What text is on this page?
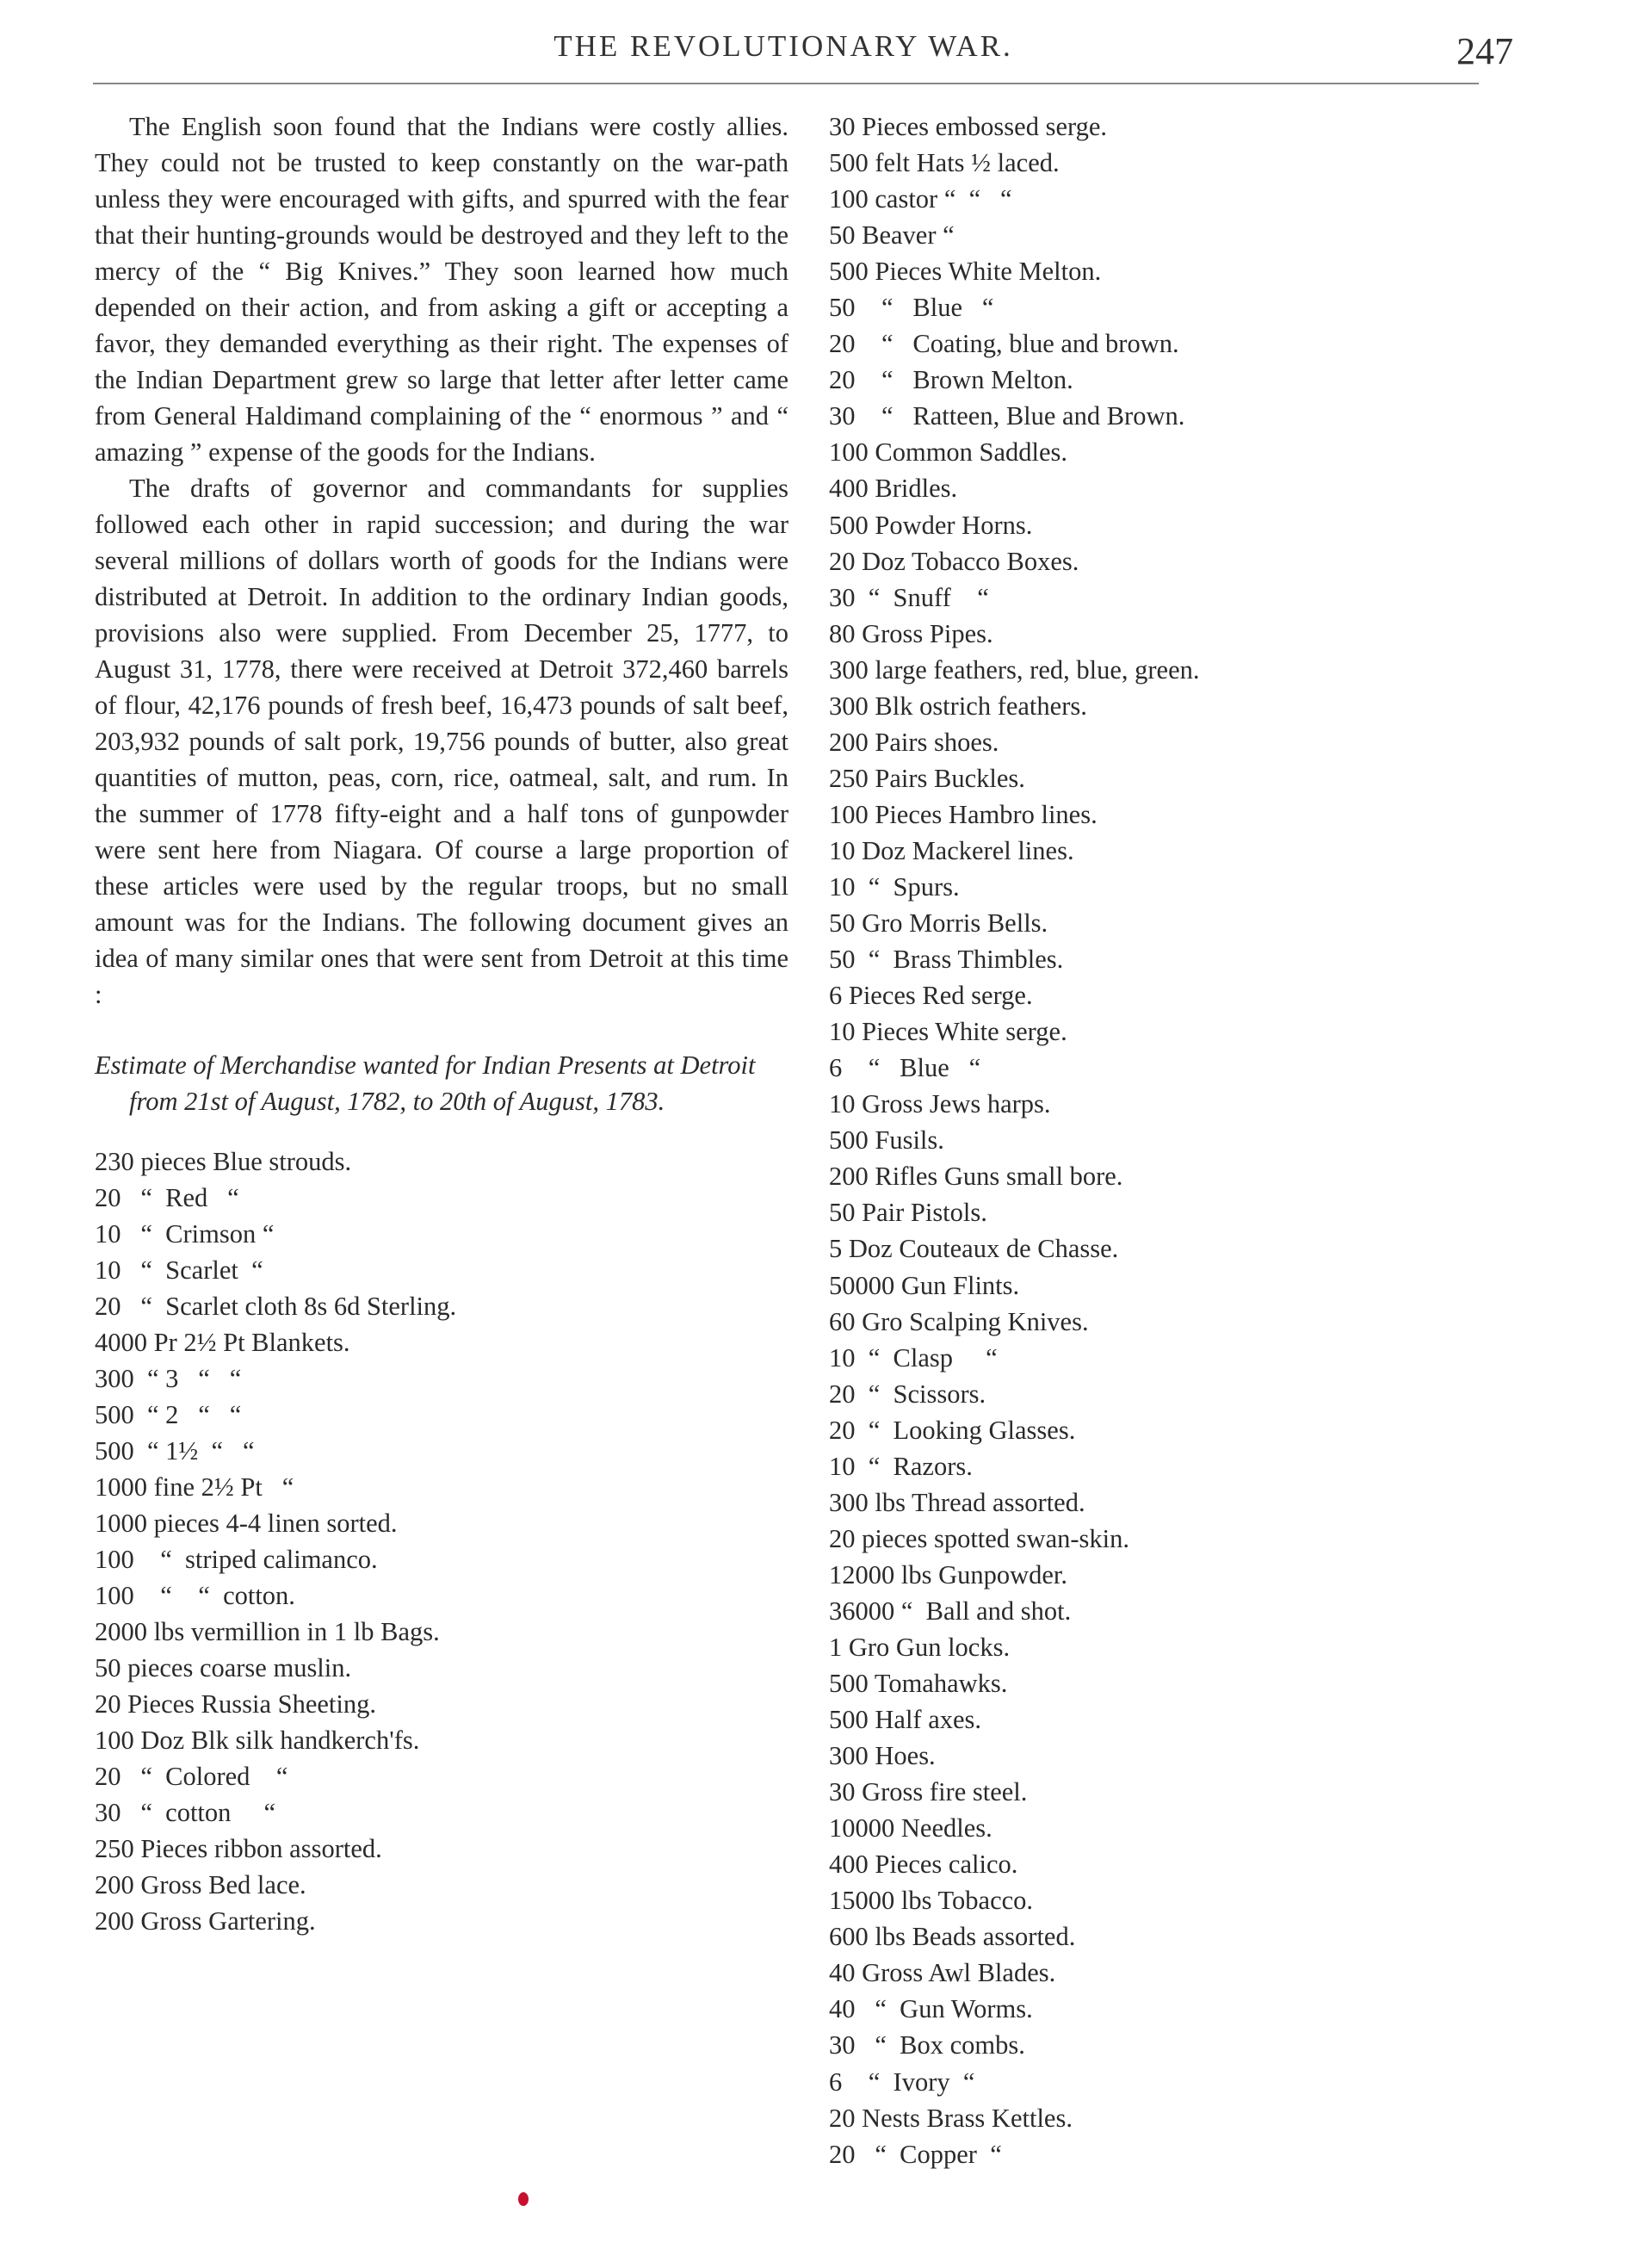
THE REVOLUTIONARY WAR.	247

The English soon found that the Indians were costly allies. They could not be trusted to keep constantly on the war-path unless they were encouraged with gifts, and spurred with the fear that their hunting-grounds would be destroyed and they left to the mercy of the “ Big Knives.” They soon learned how much depended on their action, and from asking a gift or accepting a favor, they demanded everything as their right. The expenses of the Indian Department grew so large that letter after letter came from General Haldimand complaining of the “ enormous ” and “ amazing ” expense of the goods for the Indians.

The drafts of governor and commandants for supplies followed each other in rapid succession; and during the war several millions of dollars worth of goods for the Indians were distributed at Detroit. In addition to the ordinary Indian goods, provisions also were supplied. From December 25, 1777, to August 31, 1778, there were received at Detroit 372,460 barrels of flour, 42,176 pounds of fresh beef, 16,473 pounds of salt beef, 203,932 pounds of salt pork, 19,756 pounds of butter, also great quantities of mutton, peas, corn, rice, oatmeal, salt, and rum. In the summer of 1778 fifty-eight and a half tons of gunpowder were sent here from Niagara. Of course a large proportion of these articles were used by the regular troops, but no small amount was for the Indians. The following document gives an idea of many similar ones that were sent from Detroit at this time :

Estimate of Merchandise wanted for Indian Presents at Detroit from 21st of August, 1782, to 20th of August, 1783.
230 pieces Blue strouds.
20   “  Red   “
10   “  Crimson “
10   “  Scarlet  “
20   “  Scarlet cloth 8s 6d Sterling.
4000 Pr 2½ Pt Blankets.
300  “ 3   “   “
500  “ 2   “   “
500  “ 1½  “   “
1000 fine 2½ Pt   “
1000 pieces 4-4 linen sorted.
100    “  striped calimanco.
100    “    “  cotton.
2000 lbs vermillion in 1 lb Bags.
50 pieces coarse muslin.
20 Pieces Russia Sheeting.
100 Doz Blk silk handkerch'fs.
20   “  Colored    “
30   “  cotton     “
250 Pieces ribbon assorted.
200 Gross Bed lace.
200 Gross Gartering.
30 Pieces embossed serge.
500 felt Hats ½ laced.
100 castor “  “   “
50 Beaver “
500 Pieces White Melton.
50    “   Blue   “
20    “   Coating, blue and brown.
20    “   Brown Melton.
30    “   Ratteen, Blue and Brown.
100 Common Saddles.
400 Bridles.
500 Powder Horns.
20 Doz Tobacco Boxes.
30  “  Snuff    “
80 Gross Pipes.
300 large feathers, red, blue, green.
300 Blk ostrich feathers.
200 Pairs shoes.
250 Pairs Buckles.
100 Pieces Hambro lines.
10 Doz Mackerel lines.
10  “  Spurs.
50 Gro Morris Bells.
50  “  Brass Thimbles.
6 Pieces Red serge.
10 Pieces White serge.
6    “   Blue   “
10 Gross Jews harps.
500 Fusils.
200 Rifles Guns small bore.
50 Pair Pistols.
5 Doz Couteaux de Chasse.
50000 Gun Flints.
60 Gro Scalping Knives.
10  “  Clasp     “
20  “  Scissors.
20  “  Looking Glasses.
10  “  Razors.
300 lbs Thread assorted.
20 pieces spotted swan-skin.
12000 lbs Gunpowder.
36000 “  Ball and shot.
1 Gro Gun locks.
500 Tomahawks.
500 Half axes.
300 Hoes.
30 Gross fire steel.
10000 Needles.
400 Pieces calico.
15000 lbs Tobacco.
600 lbs Beads assorted.
40 Gross Awl Blades.
40   “  Gun Worms.
30   “  Box combs.
6    “  Ivory  “
20 Nests Brass Kettles.
20   “  Copper  “
